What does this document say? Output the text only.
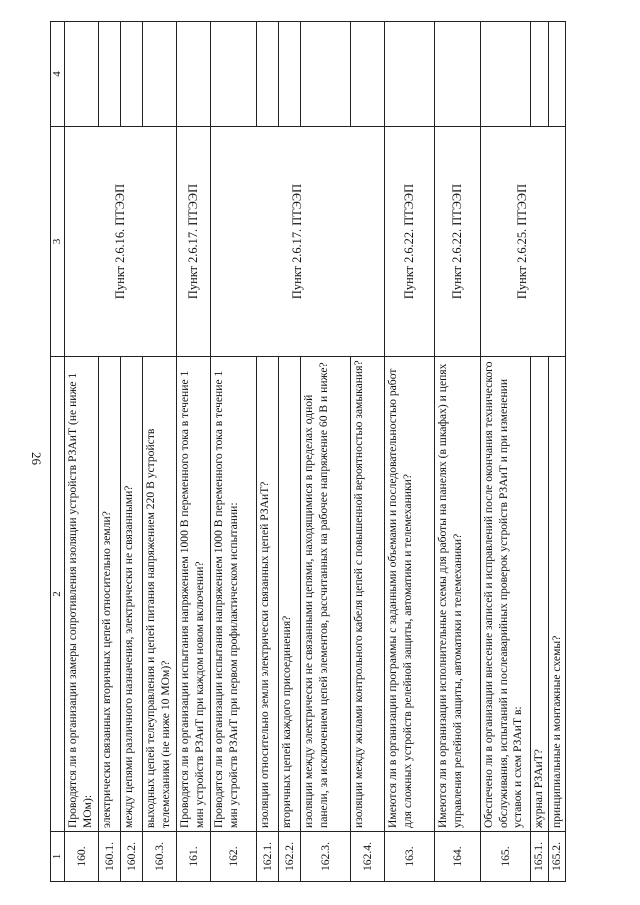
26
1	2	3	4
160.	Проводятся ли в организации замеры сопротивления изоляции устройств РЗАиТ (не ниже 1 МОм):	Пункт 2.6.16. ПТЭЭП	
160.1.	электрически связанных вторичных цепей относительно земли?		
160.2.	между цепями различного назначения, электрически не связанными?		
160.3.	выходных цепей телеуправления и цепей питания напряжением 220 В устройств телемеханики (не ниже 10 МОм)?		
161.	Проводятся ли в организации испытания напряжением 1000 В переменного тока в течение 1 мин устройств РЗАиТ при каждом новом включении?	Пункт 2.6.17. ПТЭЭП	
162.	Проводятся ли в организации испытания напряжением 1000 В переменного тока в течение 1 мин устройств РЗАиТ при первом профилактическом испытании:	Пункт 2.6.17. ПТЭЭП	
162.1.	изоляции относительно земли электрически связанных цепей РЗАиТ?		
162.2.	вторичных цепей каждого присоединения?		
162.3.	изоляции между электрически не связанными цепями, находящимися в пределах одной панели, за исключением цепей элементов, рассчитанных на рабочее напряжение 60 В и ниже?		
162.4.	изоляции между жилами контрольного кабеля цепей с повышенной вероятностью замыкания?		
163.	Имеются ли в организации программы с заданными объемами и последовательностью работ для сложных устройств релейной защиты, автоматики и телемеханики?	Пункт 2.6.22. ПТЭЭП	
164.	Имеются ли в организации исполнительные схемы для работы на панелях (в шкафах) и цепях управления релейной защиты, автоматики и телемеханики?	Пункт 2.6.22. ПТЭЭП	
165.	Обеспечено ли в организации внесение записей и исправлений после окончания технического обслуживания, испытаний и послеаварийных проверок устройств РЗАиТ и при изменении уставок и схем РЗАиТ в:	Пункт 2.6.25. ПТЭЭП	
165.1.	журнал РЗАиТ?		
165.2.	принципиальные и монтажные схемы?		
